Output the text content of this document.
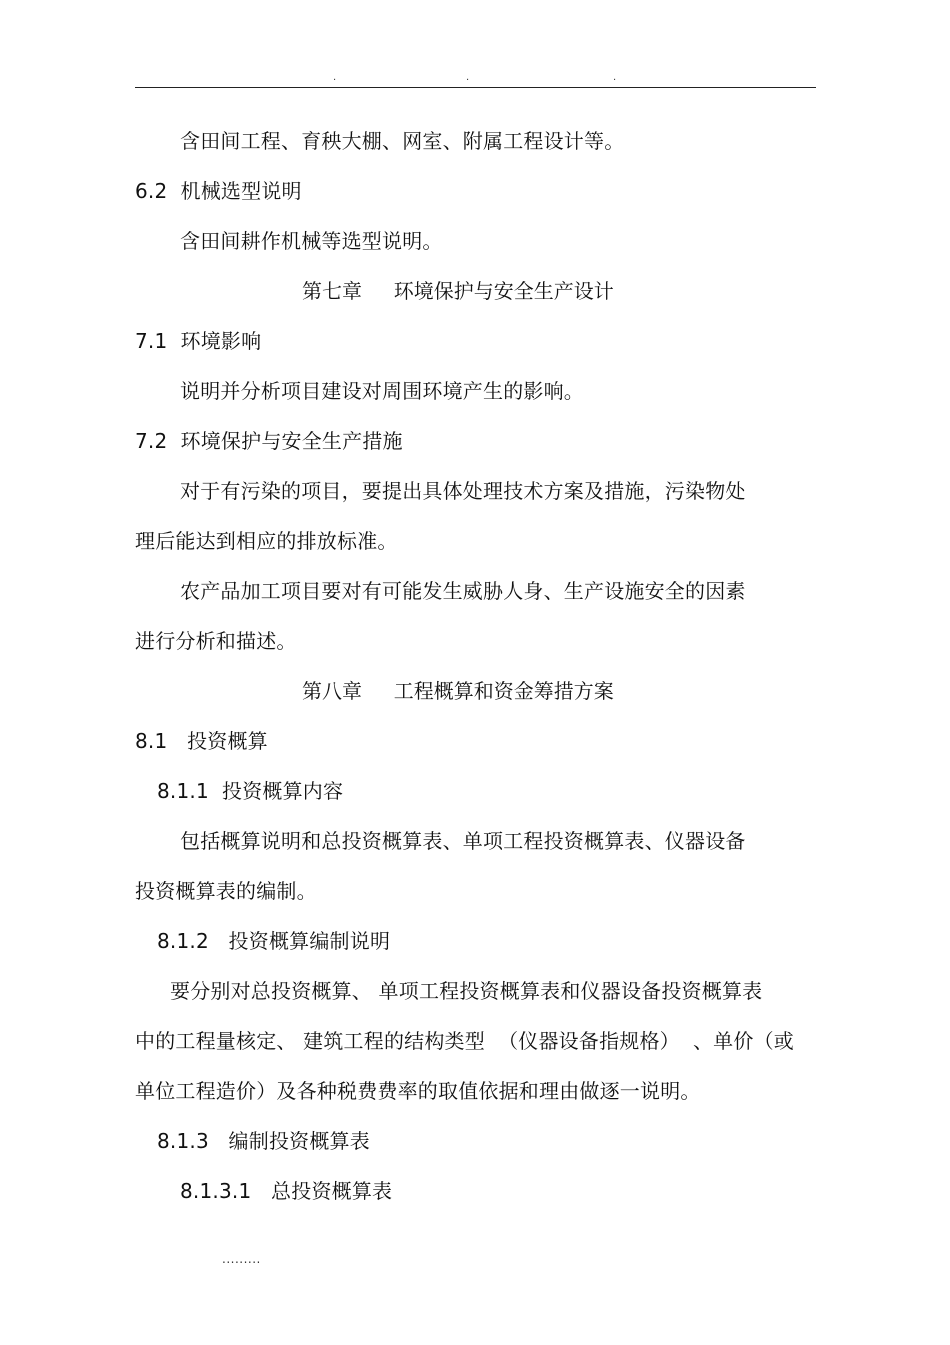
.	.	.
含田间工程、育秧大棚、网室、附属工程设计等。
6.2  机械选型说明
含田间耕作机械等选型说明。
第七章     环境保护与安全生产设计
7.1  环境影响
说明并分析项目建设对周围环境产生的影响。
7.2  环境保护与安全生产措施
对于有污染的项目，要提出具体处理技术方案及措施，污染物处
理后能达到相应的排放标准。
农产品加工项目要对有可能发生威胁人身、生产设施安全的因素
进行分析和描述。
第八章     工程概算和资金筹措方案
8.1   投资概算
8.1.1  投资概算内容
包括概算说明和总投资概算表、单项工程投资概算表、仪器设备
投资概算表的编制。
8.1.2   投资概算编制说明
要分别对总投资概算、 单项工程投资概算表和仪器设备投资概算表
中的工程量核定、 建筑工程的结构类型  （仪器设备指规格）  、单价（或
单位工程造价）及各种税费费率的取值依据和理由做逐一说明。
8.1.3   编制投资概算表
8.1.3.1   总投资概算表
.........
